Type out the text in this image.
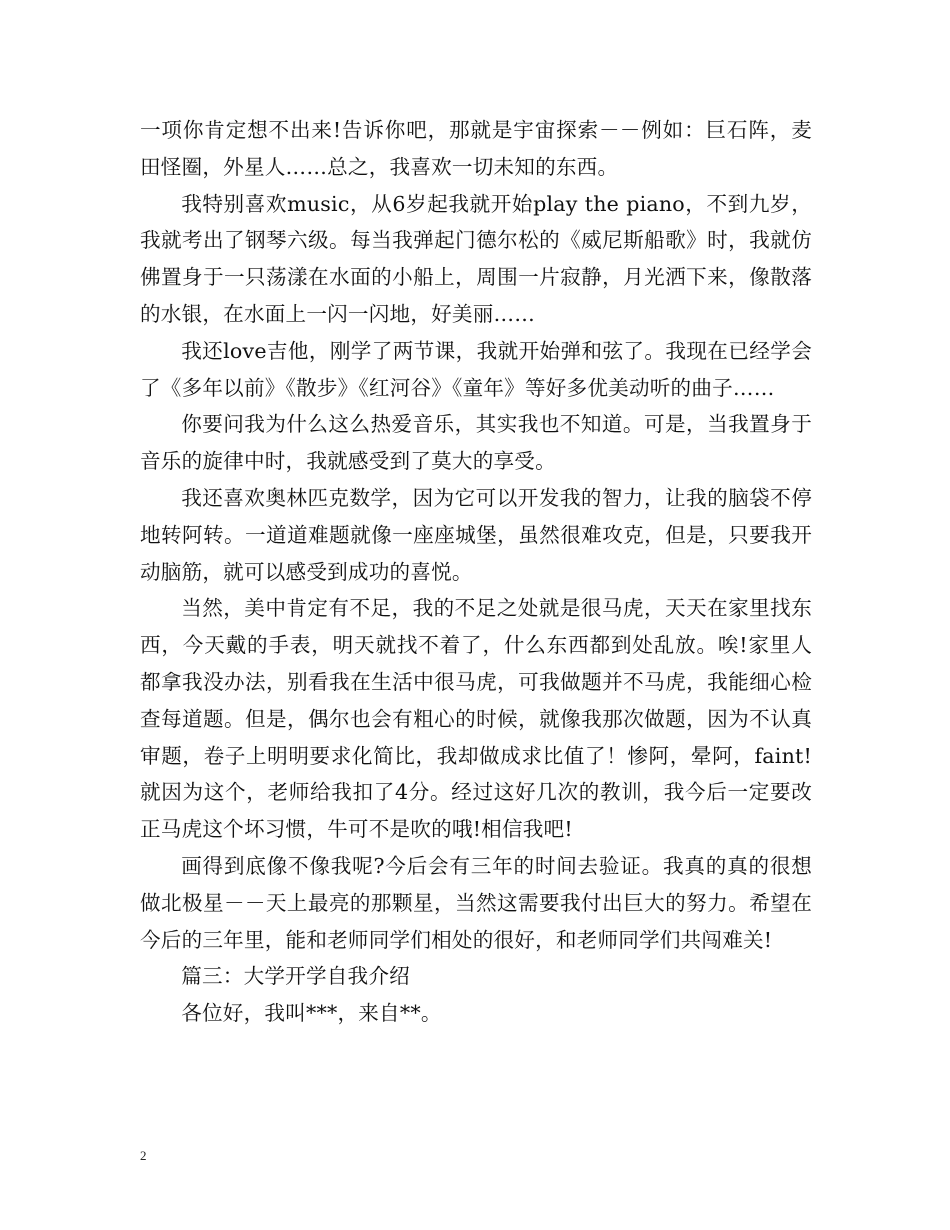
一项你肯定想不出来!告诉你吧，那就是宇宙探索－－例如：巨石阵，麦田怪圈，外星人……总之，我喜欢一切未知的东西。

我特别喜欢music，从6岁起我就开始play the piano，不到九岁，我就考出了钢琴六级。每当我弹起门德尔松的《威尼斯船歌》时，我就仿佛置身于一只荡漾在水面的小船上，周围一片寂静，月光洒下来，像散落的水银，在水面上一闪一闪地，好美丽……

我还love吉他，刚学了两节课，我就开始弹和弦了。我现在已经学会了《多年以前》《散步》《红河谷》《童年》等好多优美动听的曲子……

你要问我为什么这么热爱音乐，其实我也不知道。可是，当我置身于音乐的旋律中时，我就感受到了莫大的享受。

我还喜欢奥林匹克数学，因为它可以开发我的智力，让我的脑袋不停地转阿转。一道道难题就像一座座城堡，虽然很难攻克，但是，只要我开动脑筋，就可以感受到成功的喜悦。

当然，美中肯定有不足，我的不足之处就是很马虎，天天在家里找东西，今天戴的手表，明天就找不着了，什么东西都到处乱放。唉!家里人都拿我没办法，别看我在生活中很马虎，可我做题并不马虎，我能细心检查每道题。但是，偶尔也会有粗心的时候，就像我那次做题，因为不认真审题，卷子上明明要求化简比，我却做成求比值了！惨阿，晕阿，faint!就因为这个，老师给我扣了4分。经过这好几次的教训，我今后一定要改正马虎这个坏习惯，牛可不是吹的哦!相信我吧!

画得到底像不像我呢?今后会有三年的时间去验证。我真的真的很想做北极星－－天上最亮的那颗星，当然这需要我付出巨大的努力。希望在今后的三年里，能和老师同学们相处的很好，和老师同学们共闯难关!

篇三：大学开学自我介绍

各位好，我叫***，来自**。

2
